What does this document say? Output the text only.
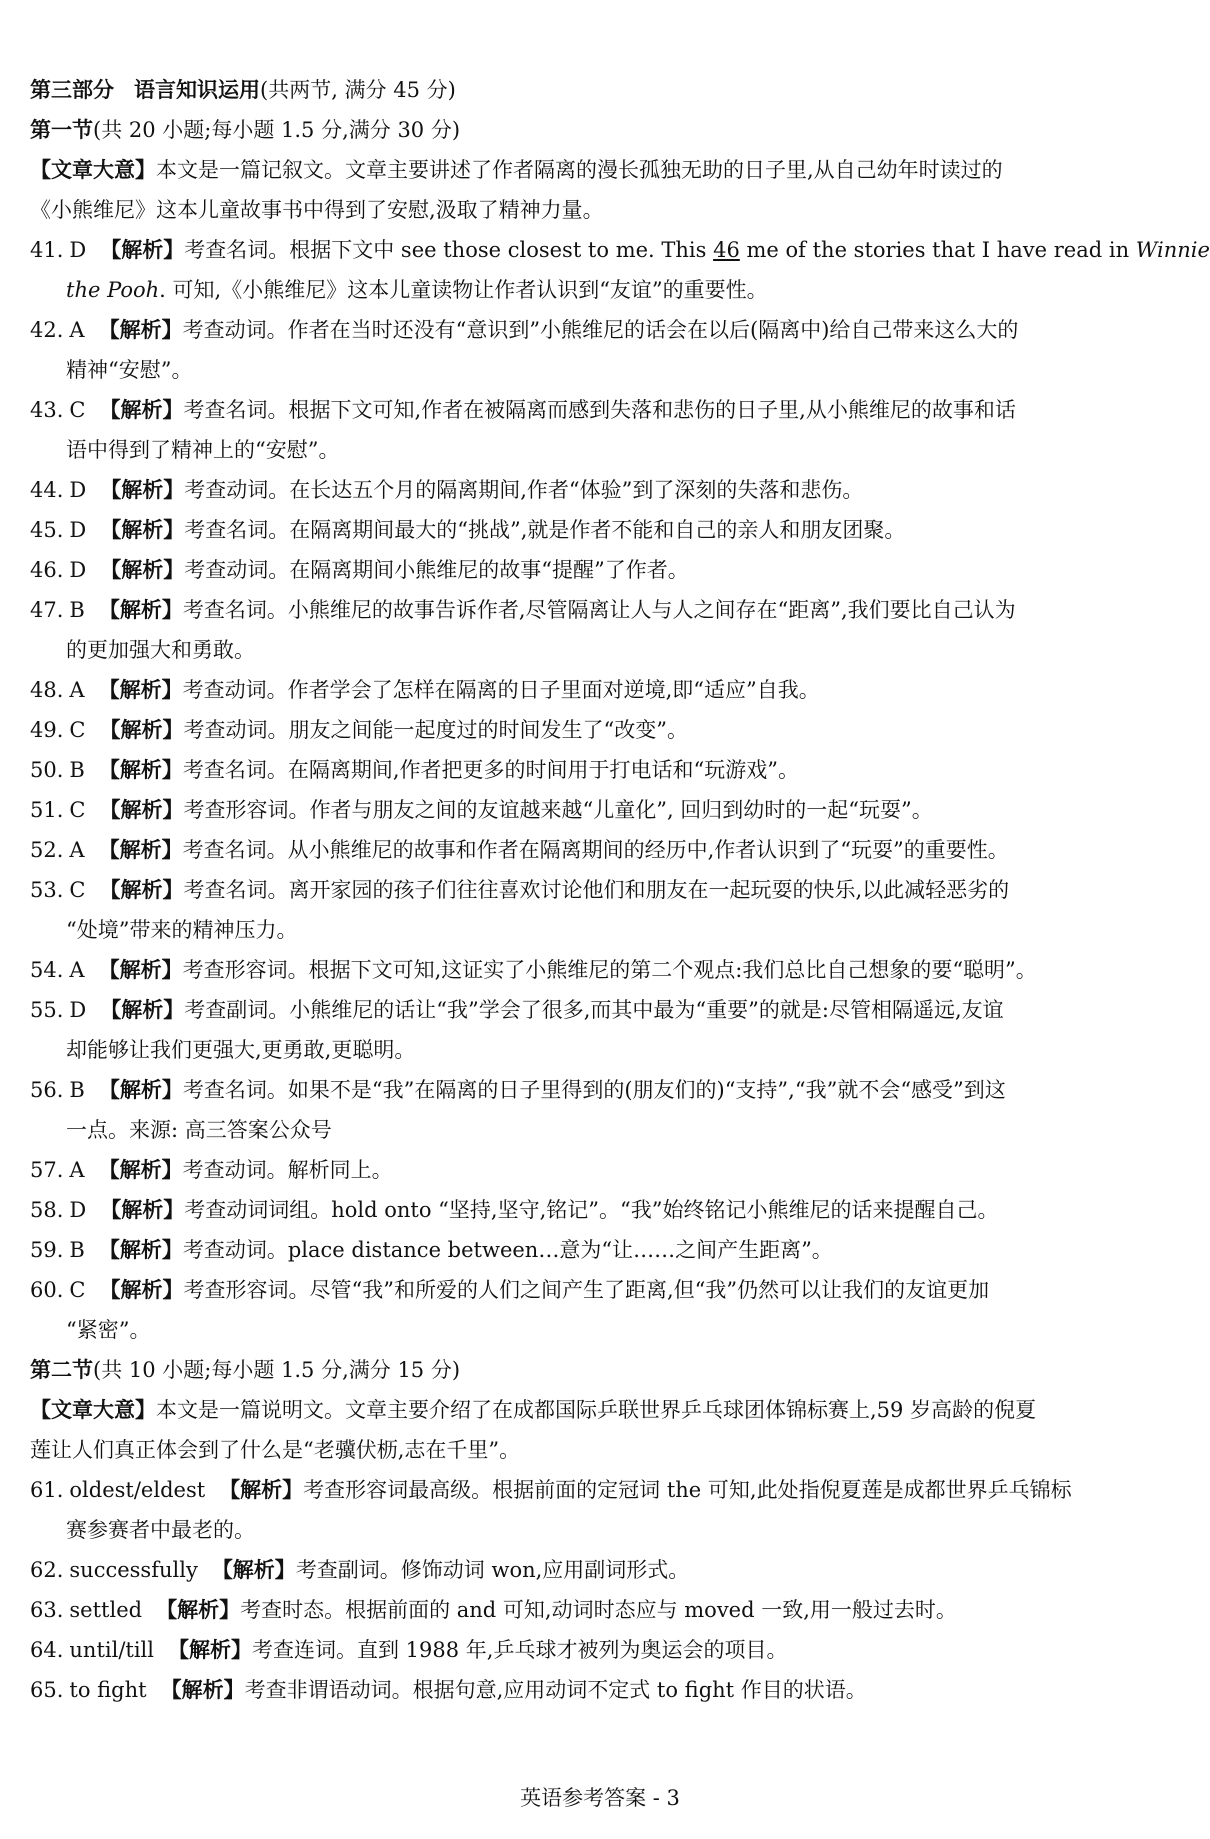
第三部分 语言知识运用(共两节, 满分 45 分)
第一节(共 20 小题;每小题 1.5 分,满分 30 分)
【文章大意】本文是一篇记叙文。文章主要讲述了作者隔离的漫长孤独无助的日子里,从自己幼年时读过的
《小熊维尼》这本儿童故事书中得到了安慰,汲取了精神力量。
41. D 【解析】考查名词。根据下文中 see those closest to me. This 46 me of the stories that I have read in Winnie
the Pooh. 可知,《小熊维尼》这本儿童读物让作者认识到“友谊”的重要性。
42. A 【解析】考查动词。作者在当时还没有“意识到”小熊维尼的话会在以后(隔离中)给自己带来这么大的
精神“安慰”。
43. C 【解析】考查名词。根据下文可知,作者在被隔离而感到失落和悲伤的日子里,从小熊维尼的故事和话
语中得到了精神上的“安慰”。
44. D 【解析】考查动词。在长达五个月的隔离期间,作者“体验”到了深刻的失落和悲伤。
45. D 【解析】考查名词。在隔离期间最大的“挑战”,就是作者不能和自己的亲人和朋友团聚。
46. D 【解析】考查动词。在隔离期间小熊维尼的故事“提醒”了作者。
47. B 【解析】考查名词。小熊维尼的故事告诉作者,尽管隔离让人与人之间存在“距离”,我们要比自己认为
的更加强大和勇敢。
48. A 【解析】考查动词。作者学会了怎样在隔离的日子里面对逆境,即“适应”自我。
49. C 【解析】考查动词。朋友之间能一起度过的时间发生了“改变”。
50. B 【解析】考查名词。在隔离期间,作者把更多的时间用于打电话和“玩游戏”。
51. C 【解析】考查形容词。作者与朋友之间的友谊越来越“儿童化”, 回归到幼时的一起“玩耍”。
52. A 【解析】考查名词。从小熊维尼的故事和作者在隔离期间的经历中,作者认识到了“玩耍”的重要性。
53. C 【解析】考查名词。离开家园的孩子们往往喜欢讨论他们和朋友在一起玩耍的快乐,以此减轻恶劣的
“处境”带来的精神压力。
54. A 【解析】考查形容词。根据下文可知,这证实了小熊维尼的第二个观点:我们总比自己想象的要“聪明”。
55. D 【解析】考查副词。小熊维尼的话让“我”学会了很多,而其中最为“重要”的就是:尽管相隔遥远,友谊
却能够让我们更强大,更勇敢,更聪明。
56. B 【解析】考查名词。如果不是“我”在隔离的日子里得到的(朋友们的)“支持”,“我”就不会“感受”到这
一点。来源: 高三答案公众号
57. A 【解析】考查动词。解析同上。
58. D 【解析】考查动词词组。hold onto “坚持,坚守,铭记”。“我”始终铭记小熊维尼的话来提醒自己。
59. B 【解析】考查动词。place distance between…意为“让……之间产生距离”。
60. C 【解析】考查形容词。尽管“我”和所爱的人们之间产生了距离,但“我”仍然可以让我们的友谊更加
“紧密”。
第二节(共 10 小题;每小题 1.5 分,满分 15 分)
【文章大意】本文是一篇说明文。文章主要介绍了在成都国际乒联世界乒乓球团体锦标赛上,59 岁高龄的倪夏
莲让人们真正体会到了什么是“老骥伏枥,志在千里”。
61. oldest/eldest 【解析】考查形容词最高级。根据前面的定冠词 the 可知,此处指倪夏莲是成都世界乒乓锦标
赛参赛者中最老的。
62. successfully 【解析】考查副词。修饰动词 won,应用副词形式。
63. settled 【解析】考查时态。根据前面的 and 可知,动词时态应与 moved 一致,用一般过去时。
64. until/till 【解析】考查连词。直到 1988 年,乒乓球才被列为奥运会的项目。
65. to fight 【解析】考查非谓语动词。根据句意,应用动词不定式 to fight 作目的状语。
英语参考答案 - 3
